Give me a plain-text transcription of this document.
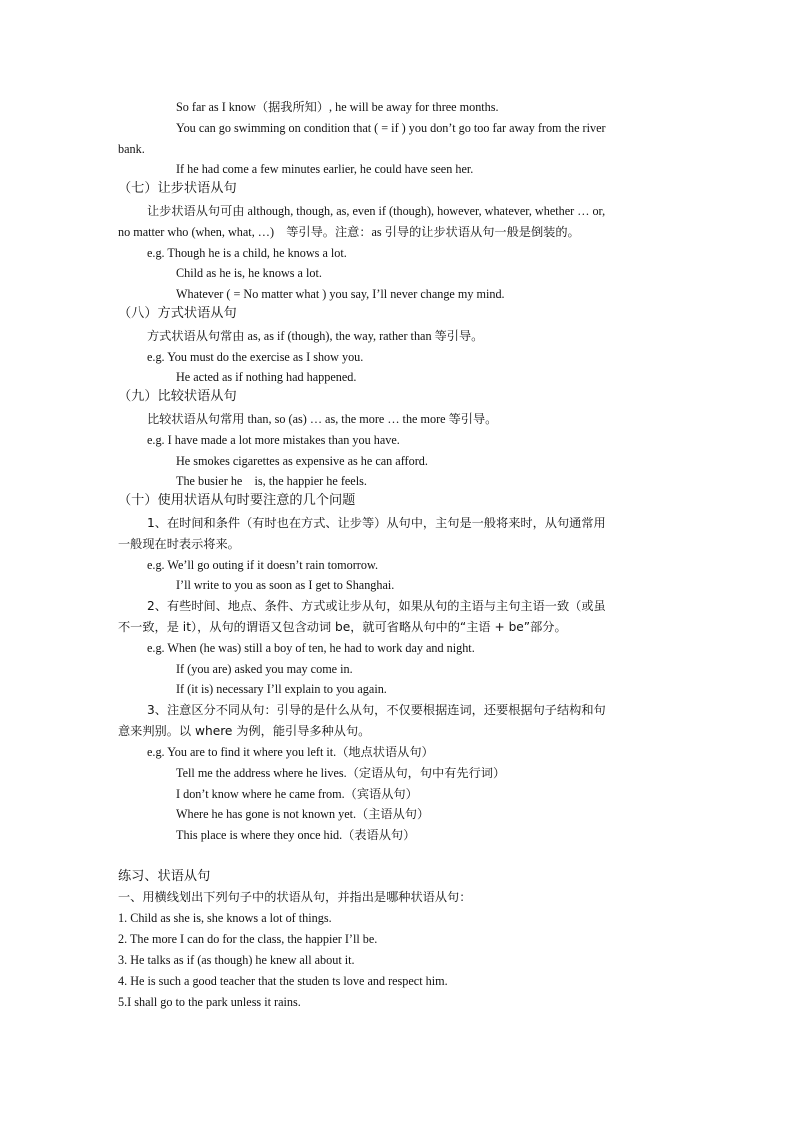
So far as I know（据我所知）, he will be away for three months.
You can go swimming on condition that ( = if ) you don’t go too far away from the river
bank.
If he had come a few minutes earlier, he could have seen her.
（七）让步状语从句
让步状语从句可由 although, though, as, even if (though), however, whatever, whether … or,
no matter who (when, what, …)　等引导。注意：as 引导的让步状语从句一般是倒装的。
e.g. Though he is a child, he knows a lot.
Child as he is, he knows a lot.
Whatever ( = No matter what ) you say, I’ll never change my mind.
（八）方式状语从句
方式状语从句常由 as, as if (though), the way, rather than 等引导。
e.g. You must do the exercise as I show you.
He acted as if nothing had happened.
（九）比较状语从句
比较状语从句常用 than, so (as) … as, the more … the more 等引导。
e.g. I have made a lot more mistakes than you have.
He smokes cigarettes as expensive as he can afford.
The busier he　is, the happier he feels.
（十）使用状语从句时要注意的几个问题
1、在时间和条件（有时也在方式、让步等）从句中，主句是一般将来时，从句通常用
一般现在时表示将来。
e.g. We’ll go outing if it doesn’t rain tomorrow.
I’ll write to you as soon as I get to Shanghai.
2、有些时间、地点、条件、方式或让步从句，如果从句的主语与主句主语一致（或虽
不一致，是 it），从句的谓语又包含动词 be，就可省略从句中的“主语 + be”部分。
e.g. When (he was) still a boy of ten, he had to work day and night.
If (you are) asked you may come in.
If (it is) necessary I’ll explain to you again.
3、注意区分不同从句：引导的是什么从句，不仅要根据连词，还要根据句子结构和句
意来判别。以 where 为例，能引导多种从句。
e.g. You are to find it where you left it.（地点状语从句）
Tell me the address where he lives.（定语从句，句中有先行词）
I don’t know where he came from.（宾语从句）
Where he has gone is not known yet.（主语从句）
This place is where they once hid.（表语从句）
练习、状语从句
一、用横线划出下列句子中的状语从句，并指出是哪种状语从句：
1. Child as she is, she knows a lot of things.
2. The more I can do for the class, the happier I’ll be.
3. He talks as if (as though) he knew all about it.
4. He is such a good teacher that the studen ts love and respect him.
5.I shall go to the park unless it rains.
